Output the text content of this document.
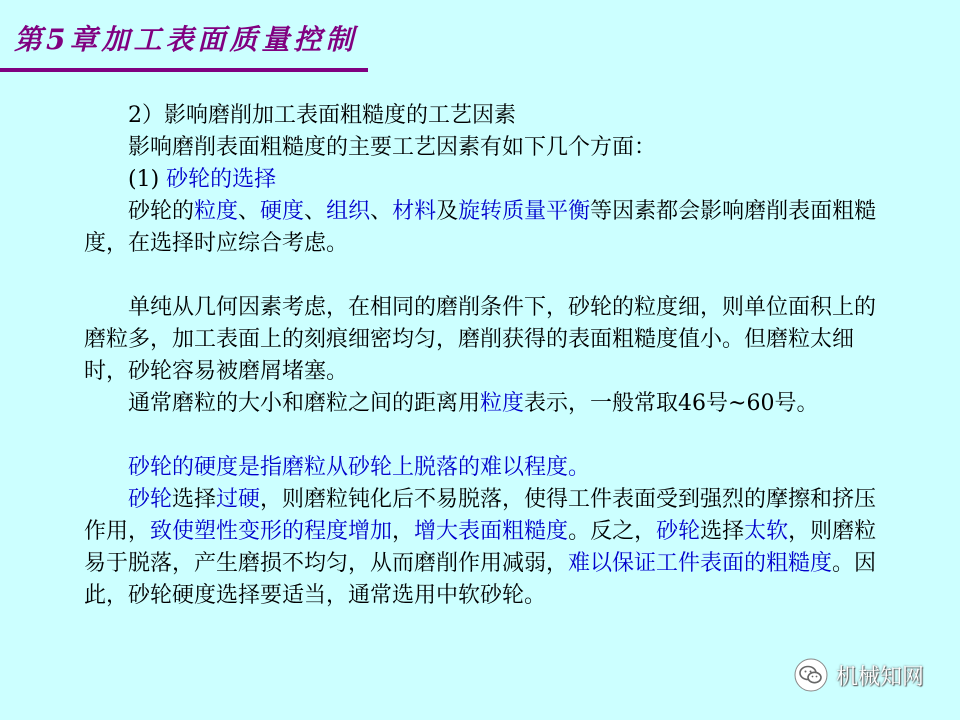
第5章加工表面质量控制

2）影响磨削加工表面粗糙度的工艺因素

影响磨削表面粗糙度的主要工艺因素有如下几个方面：

(1) 砂轮的选择

砂轮的粒度、硬度、组织、材料及旋转质量平衡等因素都会影响磨削表面粗糙度，在选择时应综合考虑。

单纯从几何因素考虑，在相同的磨削条件下，砂轮的粒度细，则单位面积上的磨粒多，加工表面上的刻痕细密均匀，磨削获得的表面粗糙度值小。但磨粒太细时，砂轮容易被磨屑堵塞。

通常磨粒的大小和磨粒之间的距离用粒度表示，一般常取46号~60号。

砂轮的硬度是指磨粒从砂轮上脱落的难以程度。

砂轮选择过硬，则磨粒钝化后不易脱落，使得工件表面受到强烈的摩擦和挤压作用，致使塑性变形的程度增加，增大表面粗糙度。反之，砂轮选择太软，则磨粒易于脱落，产生磨损不均匀，从而磨削作用减弱，难以保证工件表面的粗糙度。因此，砂轮硬度选择要适当，通常选用中软砂轮。

机械知网
